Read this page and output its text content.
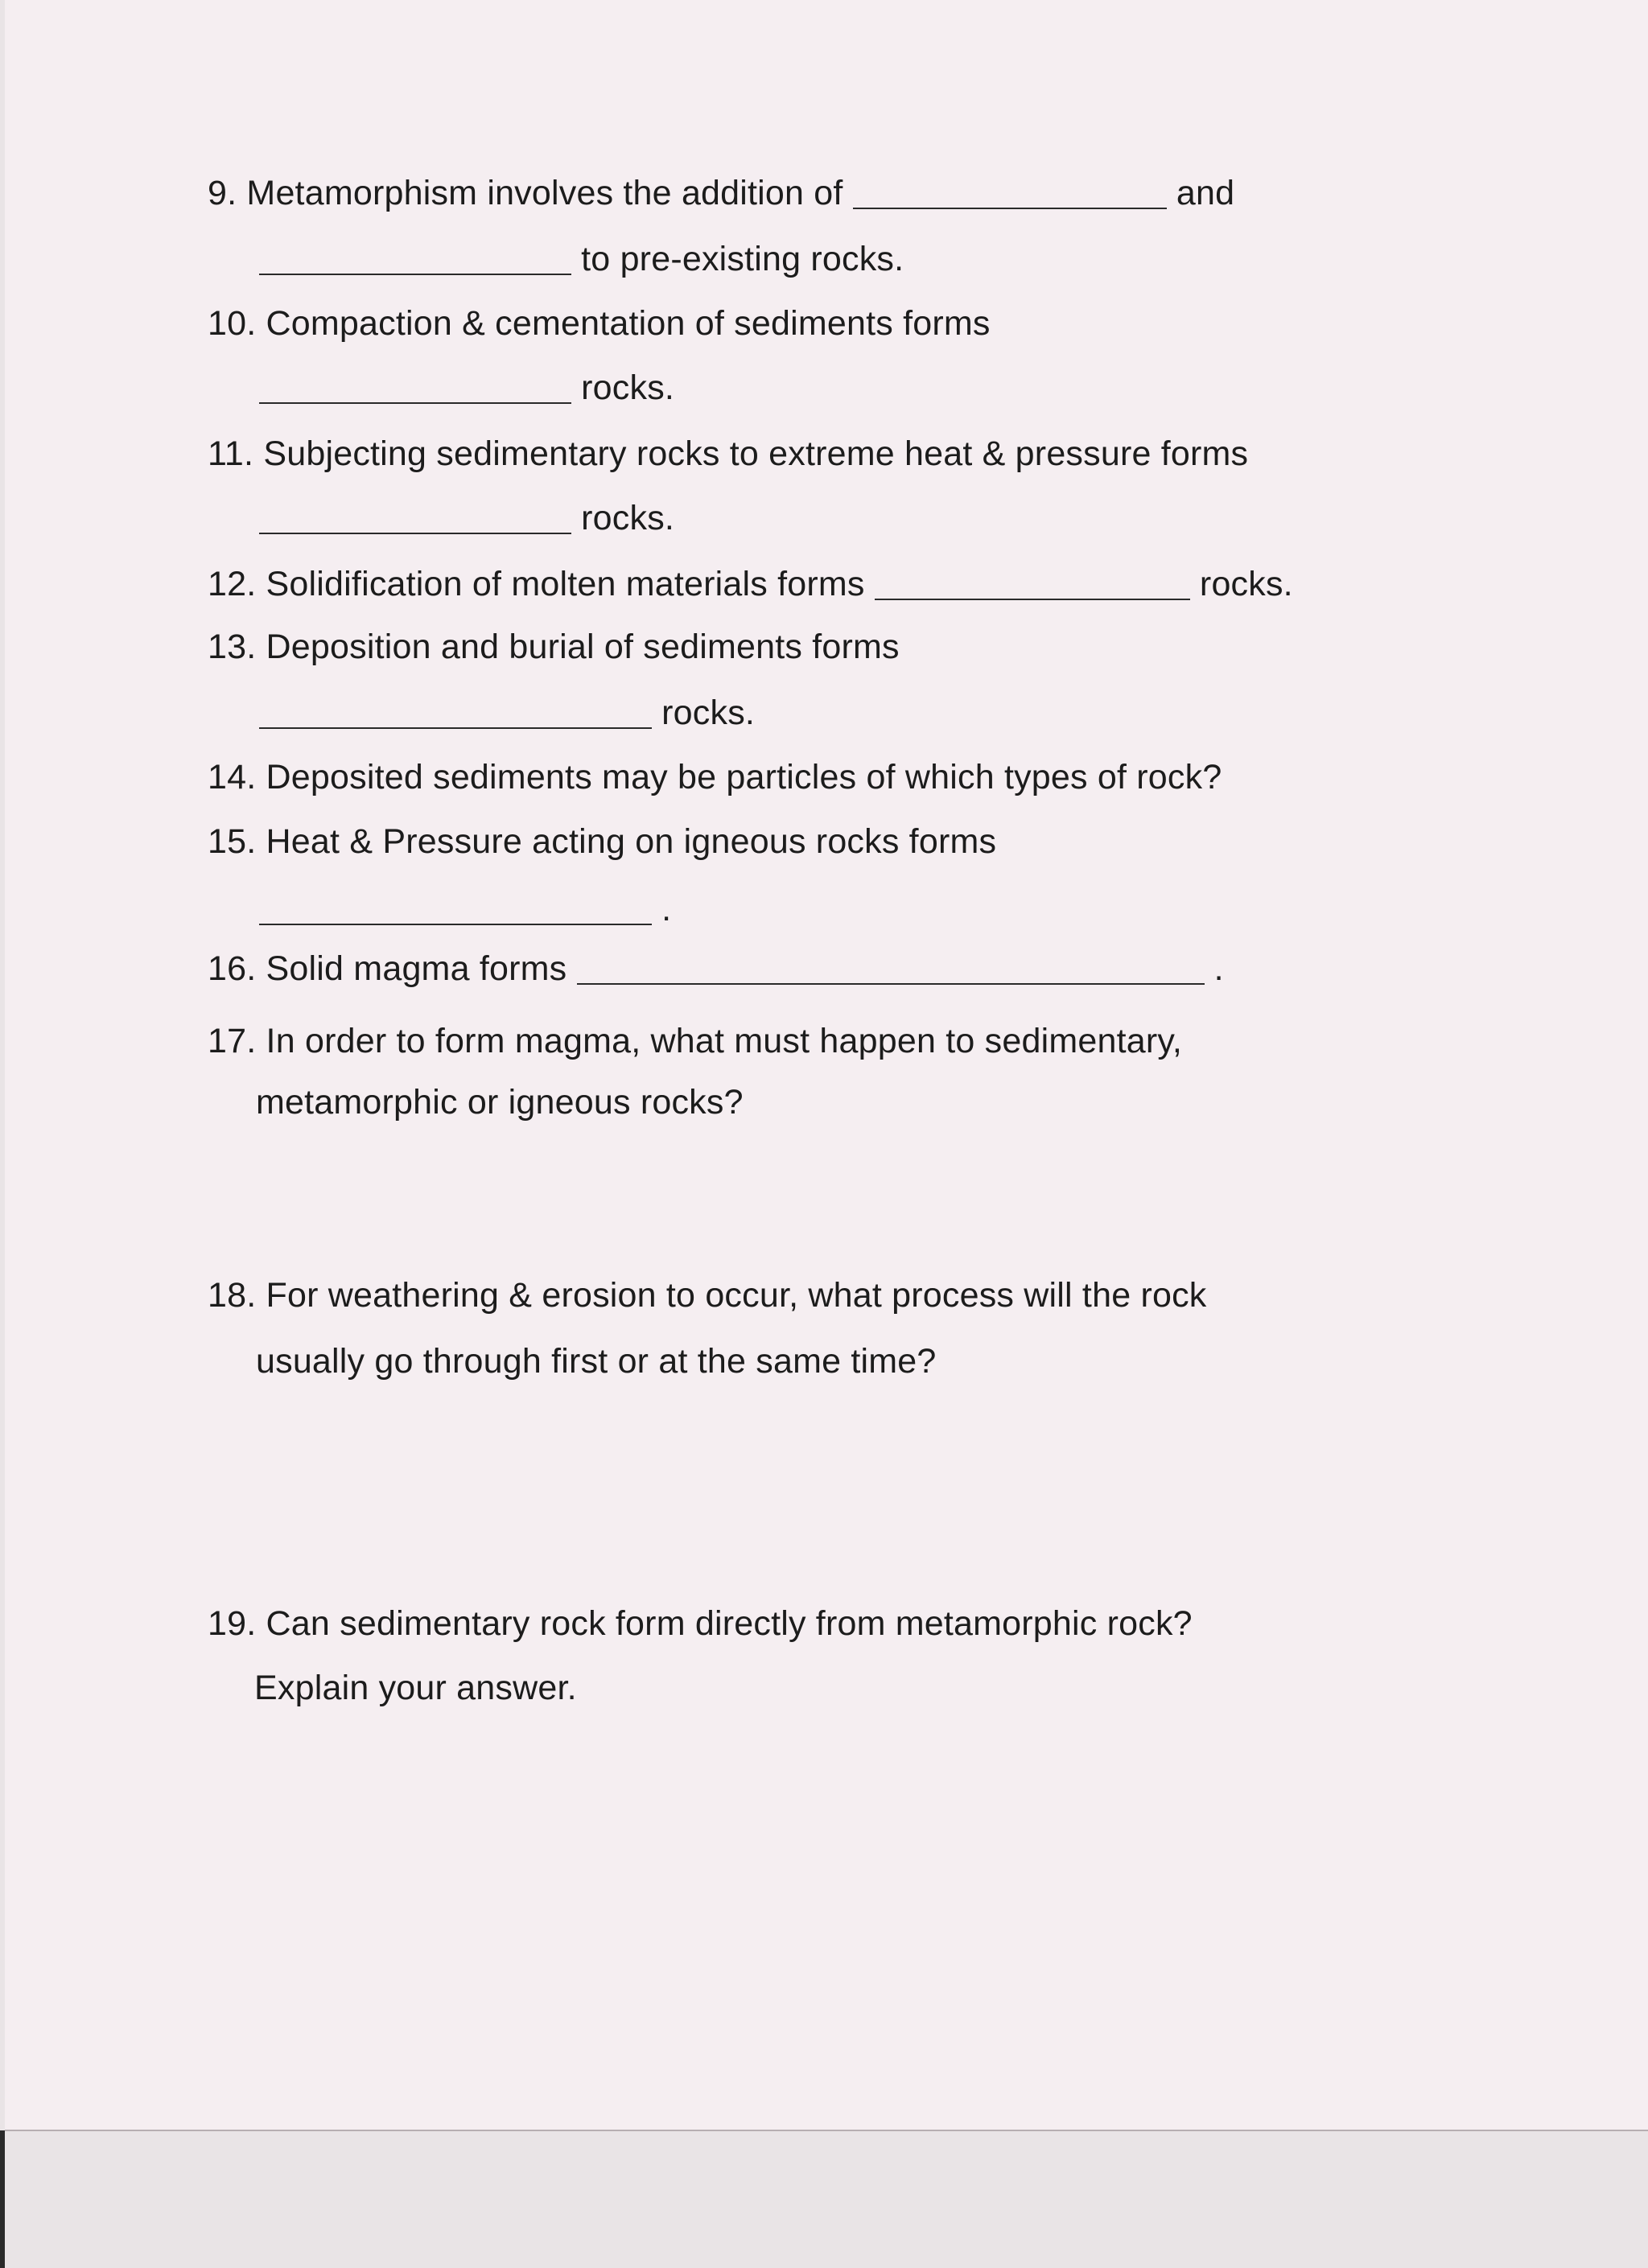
9. Metamorphism involves the addition of	and
to pre-existing rocks.
10. Compaction & cementation of sediments forms
rocks.
11. Subjecting sedimentary rocks to extreme heat & pressure forms
rocks.
12. Solidification of molten materials forms	rocks.
13. Deposition and burial of sediments forms
rocks.
14. Deposited sediments may be particles of which types of rock?
15. Heat & Pressure acting on igneous rocks forms
.
16. Solid magma forms	.
17. In order to form magma, what must happen to sedimentary,
metamorphic or igneous rocks?
18. For weathering & erosion to occur, what process will the rock
usually go through first or at the same time?
19. Can sedimentary rock form directly from metamorphic rock?
Explain your answer.
